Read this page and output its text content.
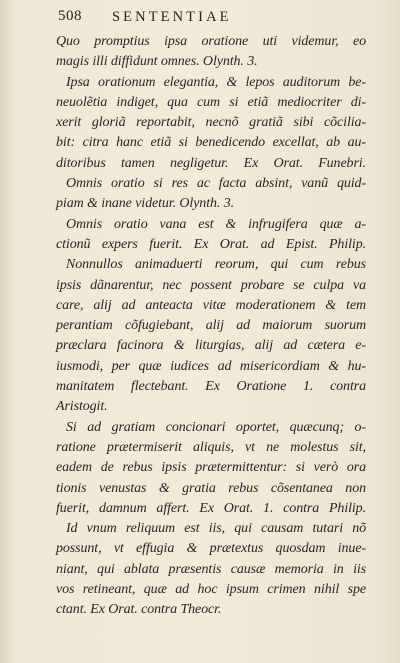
508 SENTENTIAE
Quo promptius ipsa oratione uti videmur, eo
magis illi diffidunt omnes. Olynth. 3.
Ipsa orationum elegantia, & lepos auditorum be-
neuolẽtia indiget, qua cum si etiã mediocriter di-
xerit gloriã reportabit, necnõ gratiã sibi cõcilia-
bit: citra hanc etiã si benedicendo excellat, ab au-
ditoribus tamen negligetur. Ex Orat. Funebri.
Omnis oratio si res ac facta absint, vanũ quid-
piam & inane videtur. Olynth. 3.
Omnis oratio vana est & infrugifera quæ a-
ctionũ expers fuerit. Ex Orat. ad Epist. Philip.
Nonnullos animaduerti reorum, qui cum rebus
ipsis dãnarentur, nec possent probare se culpa va
care, alij ad anteacta vitæ moderationem & tem
perantiam cõfugiebant, alij ad maiorum suorum
præclara facinora & liturgias, alij ad cætera e-
iusmodi, per quæ iudices ad misericordiam & hu-
manitatem flectebant. Ex Oratione 1. contra
Aristogit.
Si ad gratiam concionari oportet, quæcunq; o-
ratione prætermiserit aliquis, vt ne molestus sit,
eadem de rebus ipsis prætermittentur: si verò ora
tionis venustas & gratia rebus cõsentanea non
fuerit, damnum affert. Ex Orat. 1. contra Philip.
Id vnum reliquum est iis, qui causam tutari nõ
possunt, vt effugia & prætextus quosdam inue-
niant, qui ablata præsentis causæ memoria in iis
vos retineant, quæ ad hoc ipsum crimen nihil spe
ctant. Ex Orat. contra Theocr.
